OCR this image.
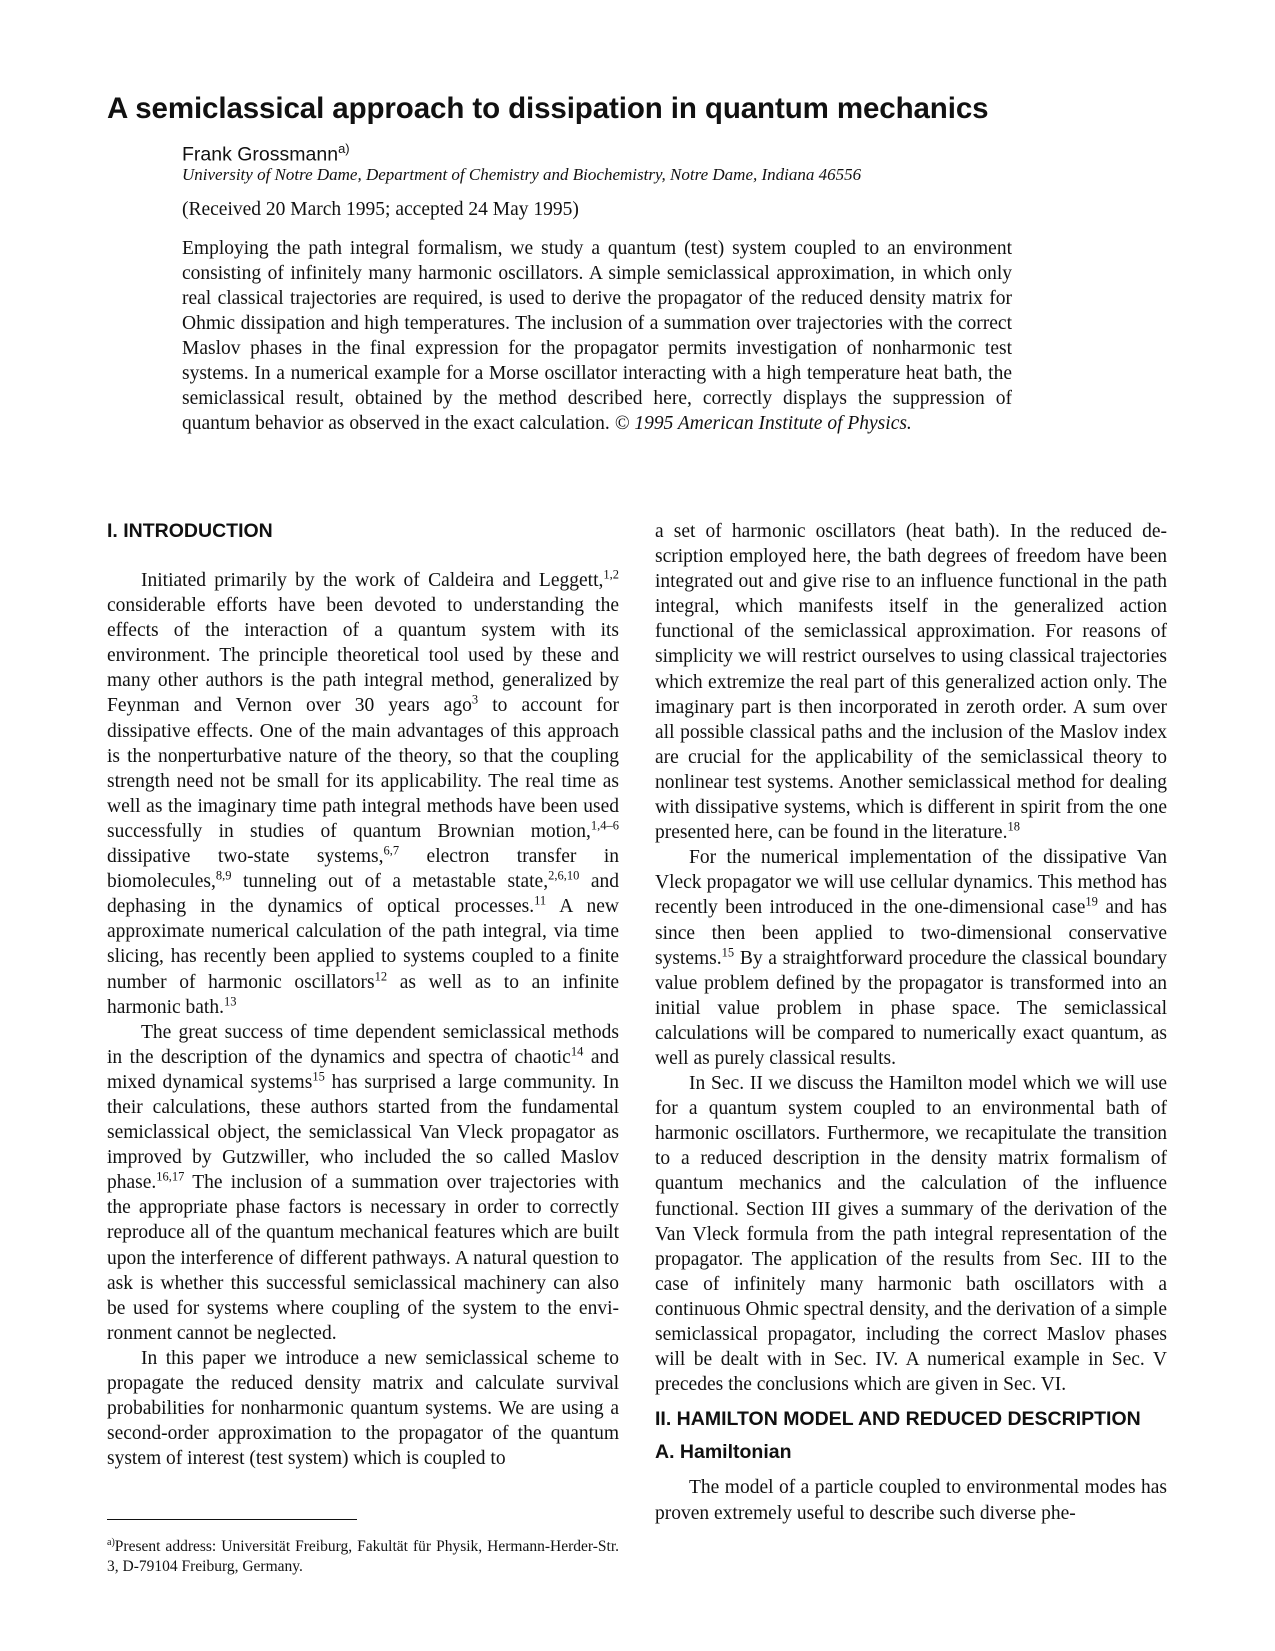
A semiclassical approach to dissipation in quantum mechanics
Frank Grossmann$^{a)}$
University of Notre Dame, Department of Chemistry and Biochemistry, Notre Dame, Indiana 46556
(Received 20 March 1995; accepted 24 May 1995)
Employing the path integral formalism, we study a quantum (test) system coupled to an environment consisting of infinitely many harmonic oscillators. A simple semiclassical approximation, in which only real classical trajectories are required, is used to derive the propagator of the reduced density matrix for Ohmic dissipation and high temperatures. The inclusion of a summation over trajectories with the correct Maslov phases in the final expression for the propagator permits investigation of nonharmonic test systems. In a numerical example for a Morse oscillator interacting with a high temperature heat bath, the semiclassical result, obtained by the method described here, correctly displays the suppression of quantum behavior as observed in the exact calculation. © 1995 American Institute of Physics.
I. INTRODUCTION

Initiated primarily by the work of Caldeira and Leggett,$^{1,2}$ considerable efforts have been devoted to understanding the effects of the interaction of a quantum system with its environment. The principle theoretical tool used by these and many other authors is the path integral method, generalized by Feynman and Vernon over 30 years ago$^3$ to account for dissipative effects. One of the main advantages of this approach is the nonperturbative nature of the theory, so that the coupling strength need not be small for its applicability. The real time as well as the imaginary time path integral methods have been used successfully in studies of quantum Brownian motion,$^{1,4-6}$ dissipative two-state systems,$^{6,7}$ electron transfer in biomolecules,$^{8,9}$ tunneling out of a metastable state,$^{2,6,10}$ and dephasing in the dynamics of optical processes.$^{11}$ A new approximate numerical calculation of the path integral, via time slicing, has recently been applied to systems coupled to a finite number of harmonic oscillators$^{12}$ as well as to an infinite harmonic bath.$^{13}$

The great success of time dependent semiclassical methods in the description of the dynamics and spectra of chaotic$^{14}$ and mixed dynamical systems$^{15}$ has surprised a large community. In their calculations, these authors started from the fundamental semiclassical object, the semiclassical Van Vleck propagator as improved by Gutzwiller, who included the so called Maslov phase.$^{16,17}$ The inclusion of a summation over trajectories with the appropriate phase factors is necessary in order to correctly reproduce all of the quantum mechanical features which are built upon the interference of different pathways. A natural question to ask is whether this successful semiclassical machinery can also be used for systems where coupling of the system to the environment cannot be neglected.

In this paper we introduce a new semiclassical scheme to propagate the reduced density matrix and calculate survival probabilities for nonharmonic quantum systems. We are using a second-order approximation to the propagator of the quantum system of interest (test system) which is coupled to

a set of harmonic oscillators (heat bath). In the reduced description employed here, the bath degrees of freedom have been integrated out and give rise to an influence functional in the path integral, which manifests itself in the generalized action functional of the semiclassical approximation. For reasons of simplicity we will restrict ourselves to using classical trajectories which extremize the real part of this generalized action only. The imaginary part is then incorporated in zeroth order. A sum over all possible classical paths and the inclusion of the Maslov index are crucial for the applicability of the semiclassical theory to nonlinear test systems. Another semiclassical method for dealing with dissipative systems, which is different in spirit from the one presented here, can be found in the literature.$^{18}$

For the numerical implementation of the dissipative Van Vleck propagator we will use cellular dynamics. This method has recently been introduced in the one-dimensional case$^{19}$ and has since then been applied to two-dimensional conservative systems.$^{15}$ By a straightforward procedure the classical boundary value problem defined by the propagator is transformed into an initial value problem in phase space. The semiclassical calculations will be compared to numerically exact quantum, as well as purely classical results.

In Sec. II we discuss the Hamilton model which we will use for a quantum system coupled to an environmental bath of harmonic oscillators. Furthermore, we recapitulate the transition to a reduced description in the density matrix formalism of quantum mechanics and the calculation of the influence functional. Section III gives a summary of the derivation of the Van Vleck formula from the path integral representation of the propagator. The application of the results from Sec. III to the case of infinitely many harmonic bath oscillators with a continuous Ohmic spectral density, and the derivation of a simple semiclassical propagator, including the correct Maslov phases will be dealt with in Sec. IV. A numerical example in Sec. V precedes the conclusions which are given in Sec. VI.

II. HAMILTON MODEL AND REDUCED DESCRIPTION
A. Hamiltonian

The model of a particle coupled to environmental modes has proven extremely useful to describe such diverse phe-

$^{a)}$Present address: Universität Freiburg, Fakultät für Physik, Hermann-Herder-Str. 3, D-79104 Freiburg, Germany.
